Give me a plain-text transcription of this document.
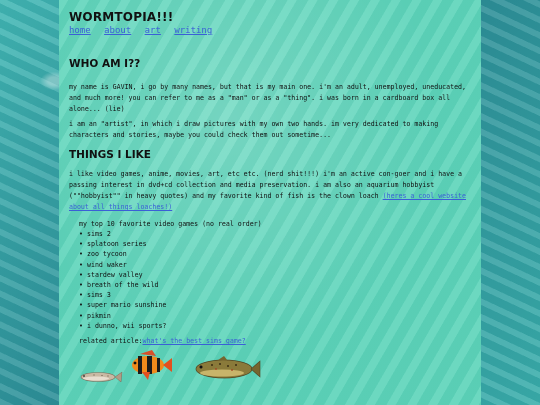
WORMTOPIA!!!
home about art writing
WHO AM I??

my name is GAVIN, i go by many names, but that is my main one. i'm an adult, unemployed, uneducated, and much more! you can refer to me as a "man" or as a "thing". i was born in a cardboard box all alone... (lie)

i am an "artist", in which i draw pictures with my own two hands. im very dedicated to making characters and stories, maybe you could check them out sometime...

THINGS I LIKE

i like video games, anime, movies, art, etc etc. (nerd shit!!!) i'm an active con-goer and i have a passing interest in dvd+cd collection and media preservation. i am also an aquarium hobbyist (""hobbyist"" in heavy quotes) and my favorite kind of fish is the clown loach (heres a cool website about all things loaches!)

my top 10 favorite video games (no real order)
• sims 2
• splatoon series
• zoo tycoon
• wind waker
• stardew valley
• breath of the wild
• sims 3
• super mario sunshine
• pikmin
• i dunno, wii sports?
related article:what's the best sims game?
